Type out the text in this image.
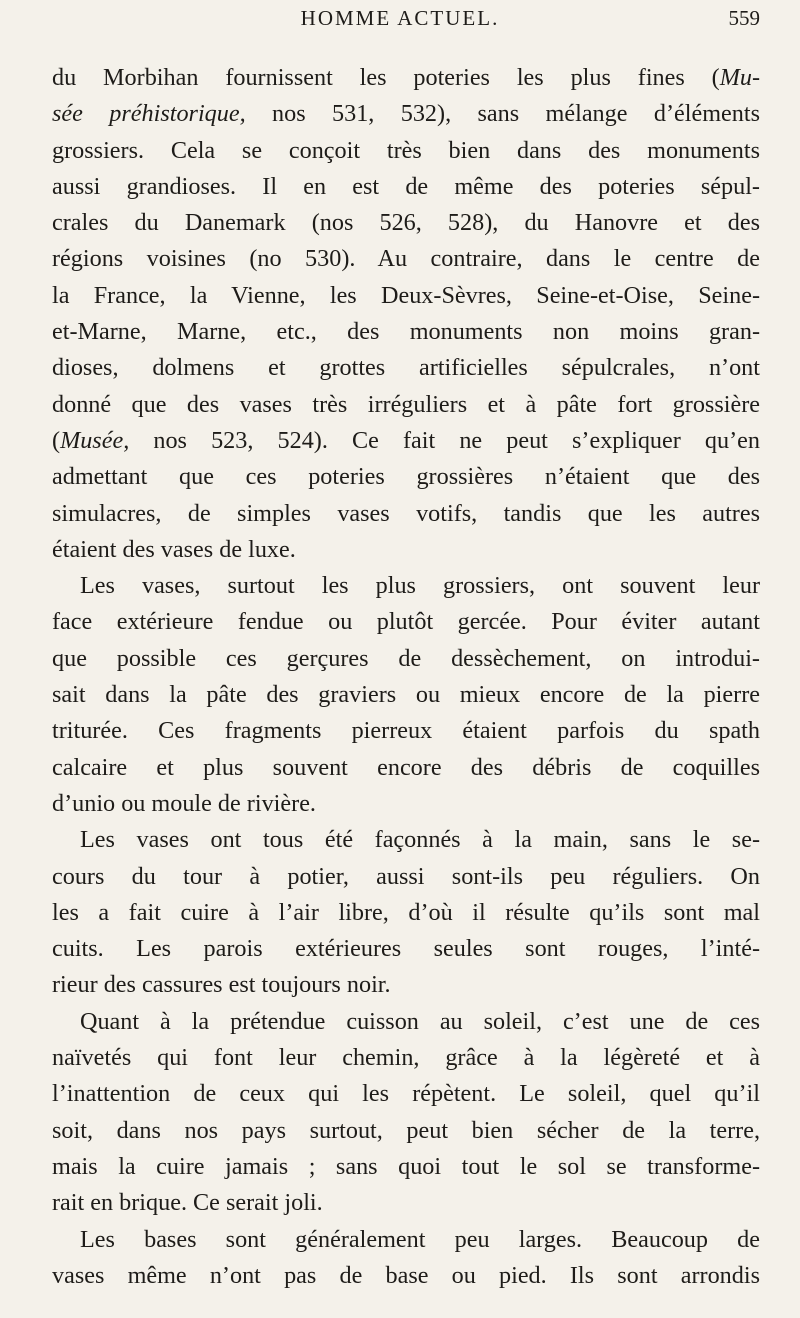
HOMME ACTUEL.	559
du Morbihan fournissent les poteries les plus fines (Mu-
sée préhistorique, nos 531, 532), sans mélange d’éléments
grossiers. Cela se conçoit très bien dans des monuments
aussi grandioses. Il en est de même des poteries sépul-
crales du Danemark (nos 526, 528), du Hanovre et des
régions voisines (no 530). Au contraire, dans le centre de
la France, la Vienne, les Deux-Sèvres, Seine-et-Oise, Seine-
et-Marne, Marne, etc., des monuments non moins gran-
dioses, dolmens et grottes artificielles sépulcrales, n’ont
donné que des vases très irréguliers et à pâte fort grossière
(Musée, nos 523, 524). Ce fait ne peut s’expliquer qu’en
admettant que ces poteries grossières n’étaient que des
simulacres, de simples vases votifs, tandis que les autres
étaient des vases de luxe.
Les vases, surtout les plus grossiers, ont souvent leur
face extérieure fendue ou plutôt gercée. Pour éviter autant
que possible ces gerçures de dessèchement, on introdui-
sait dans la pâte des graviers ou mieux encore de la pierre
triturée. Ces fragments pierreux étaient parfois du spath
calcaire et plus souvent encore des débris de coquilles
d’unio ou moule de rivière.
Les vases ont tous été façonnés à la main, sans le se-
cours du tour à potier, aussi sont-ils peu réguliers. On
les a fait cuire à l’air libre, d’où il résulte qu’ils sont mal
cuits. Les parois extérieures seules sont rouges, l’inté-
rieur des cassures est toujours noir.
Quant à la prétendue cuisson au soleil, c’est une de ces
naïvetés qui font leur chemin, grâce à la légèreté et à
l’inattention de ceux qui les répètent. Le soleil, quel qu’il
soit, dans nos pays surtout, peut bien sécher de la terre,
mais la cuire jamais ; sans quoi tout le sol se transforme-
rait en brique. Ce serait joli.
Les bases sont généralement peu larges. Beaucoup de
vases même n’ont pas de base ou pied. Ils sont arrondis
